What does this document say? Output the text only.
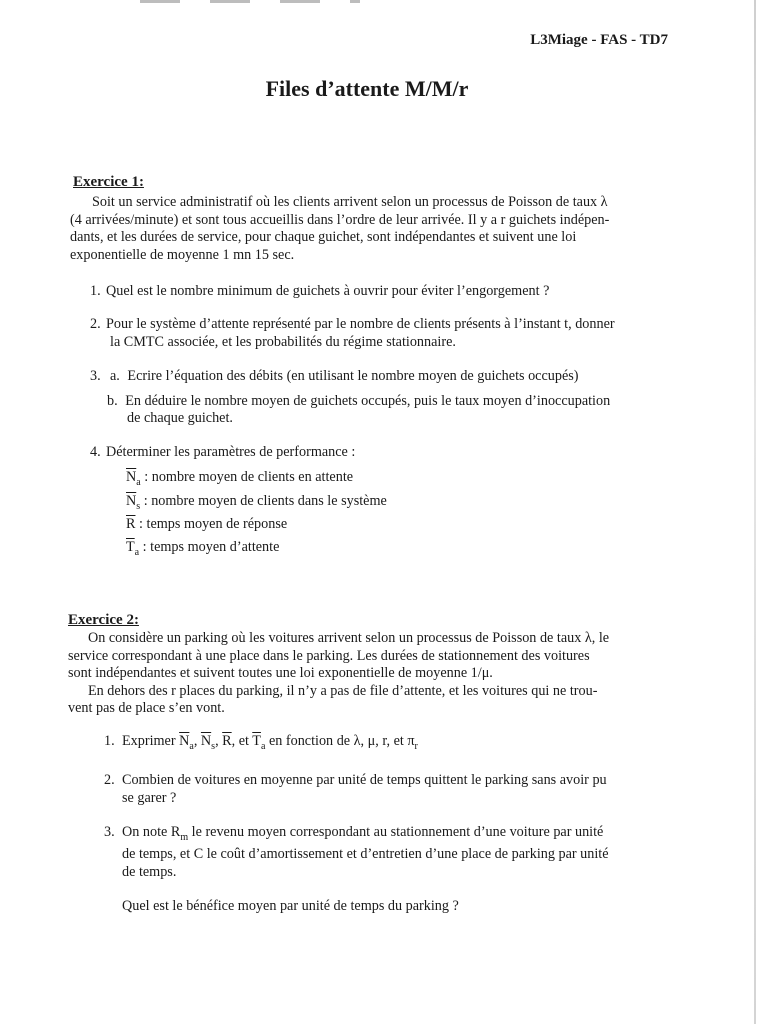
L3Miage - FAS - TD7
Files d’attente M/M/r

Exercice 1:

Soit un service administratif où les clients arrivent selon un processus de Poisson de taux λ

(4 arrivées/minute) et sont tous accueillis dans l’ordre de leur arrivée. Il y a r guichets indépen-

dants, et les durées de service, pour chaque guichet, sont indépendantes et suivent une loi

exponentielle de moyenne 1 mn 15 sec.

1. Quel est le nombre minimum de guichets à ouvrir pour éviter l’engorgement ?
2. Pour le système d’attente représenté par le nombre de clients présents à l’instant t, donner
la CMTC associée, et les probabilités du régime stationnaire.
3. a. Ecrire l’équation des débits (en utilisant le nombre moyen de guichets occupés)
b. En déduire le nombre moyen de guichets occupés, puis le taux moyen d’inoccupation
de chaque guichet.
4. Déterminer les paramètres de performance :
$\overline{N}_a$ : nombre moyen de clients en attente
$\overline{N}_s$ : nombre moyen de clients dans le système
$\overline{R}$ : temps moyen de réponse
$\overline{T}_a$ : temps moyen d’attente

Exercice 2:

On considère un parking où les voitures arrivent selon un processus de Poisson de taux λ, le

service correspondant à une place dans le parking. Les durées de stationnement des voitures

sont indépendantes et suivent toutes une loi exponentielle de moyenne 1/μ.

En dehors des r places du parking, il n’y a pas de file d’attente, et les voitures qui ne trou-

vent pas de place s’en vont.

1. Exprimer $\overline{N}_a$, $\overline{N}_s$, $\overline{R}$, et $\overline{T}_a$ en fonction de λ, μ, r, et $\pi_r$
2. Combien de voitures en moyenne par unité de temps quittent le parking sans avoir pu
se garer ?
3. On note $R_m$ le revenu moyen correspondant au stationnement d’une voiture par unité
de temps, et C le coût d’amortissement et d’entretien d’une place de parking par unité
de temps.
Quel est le bénéfice moyen par unité de temps du parking ?
